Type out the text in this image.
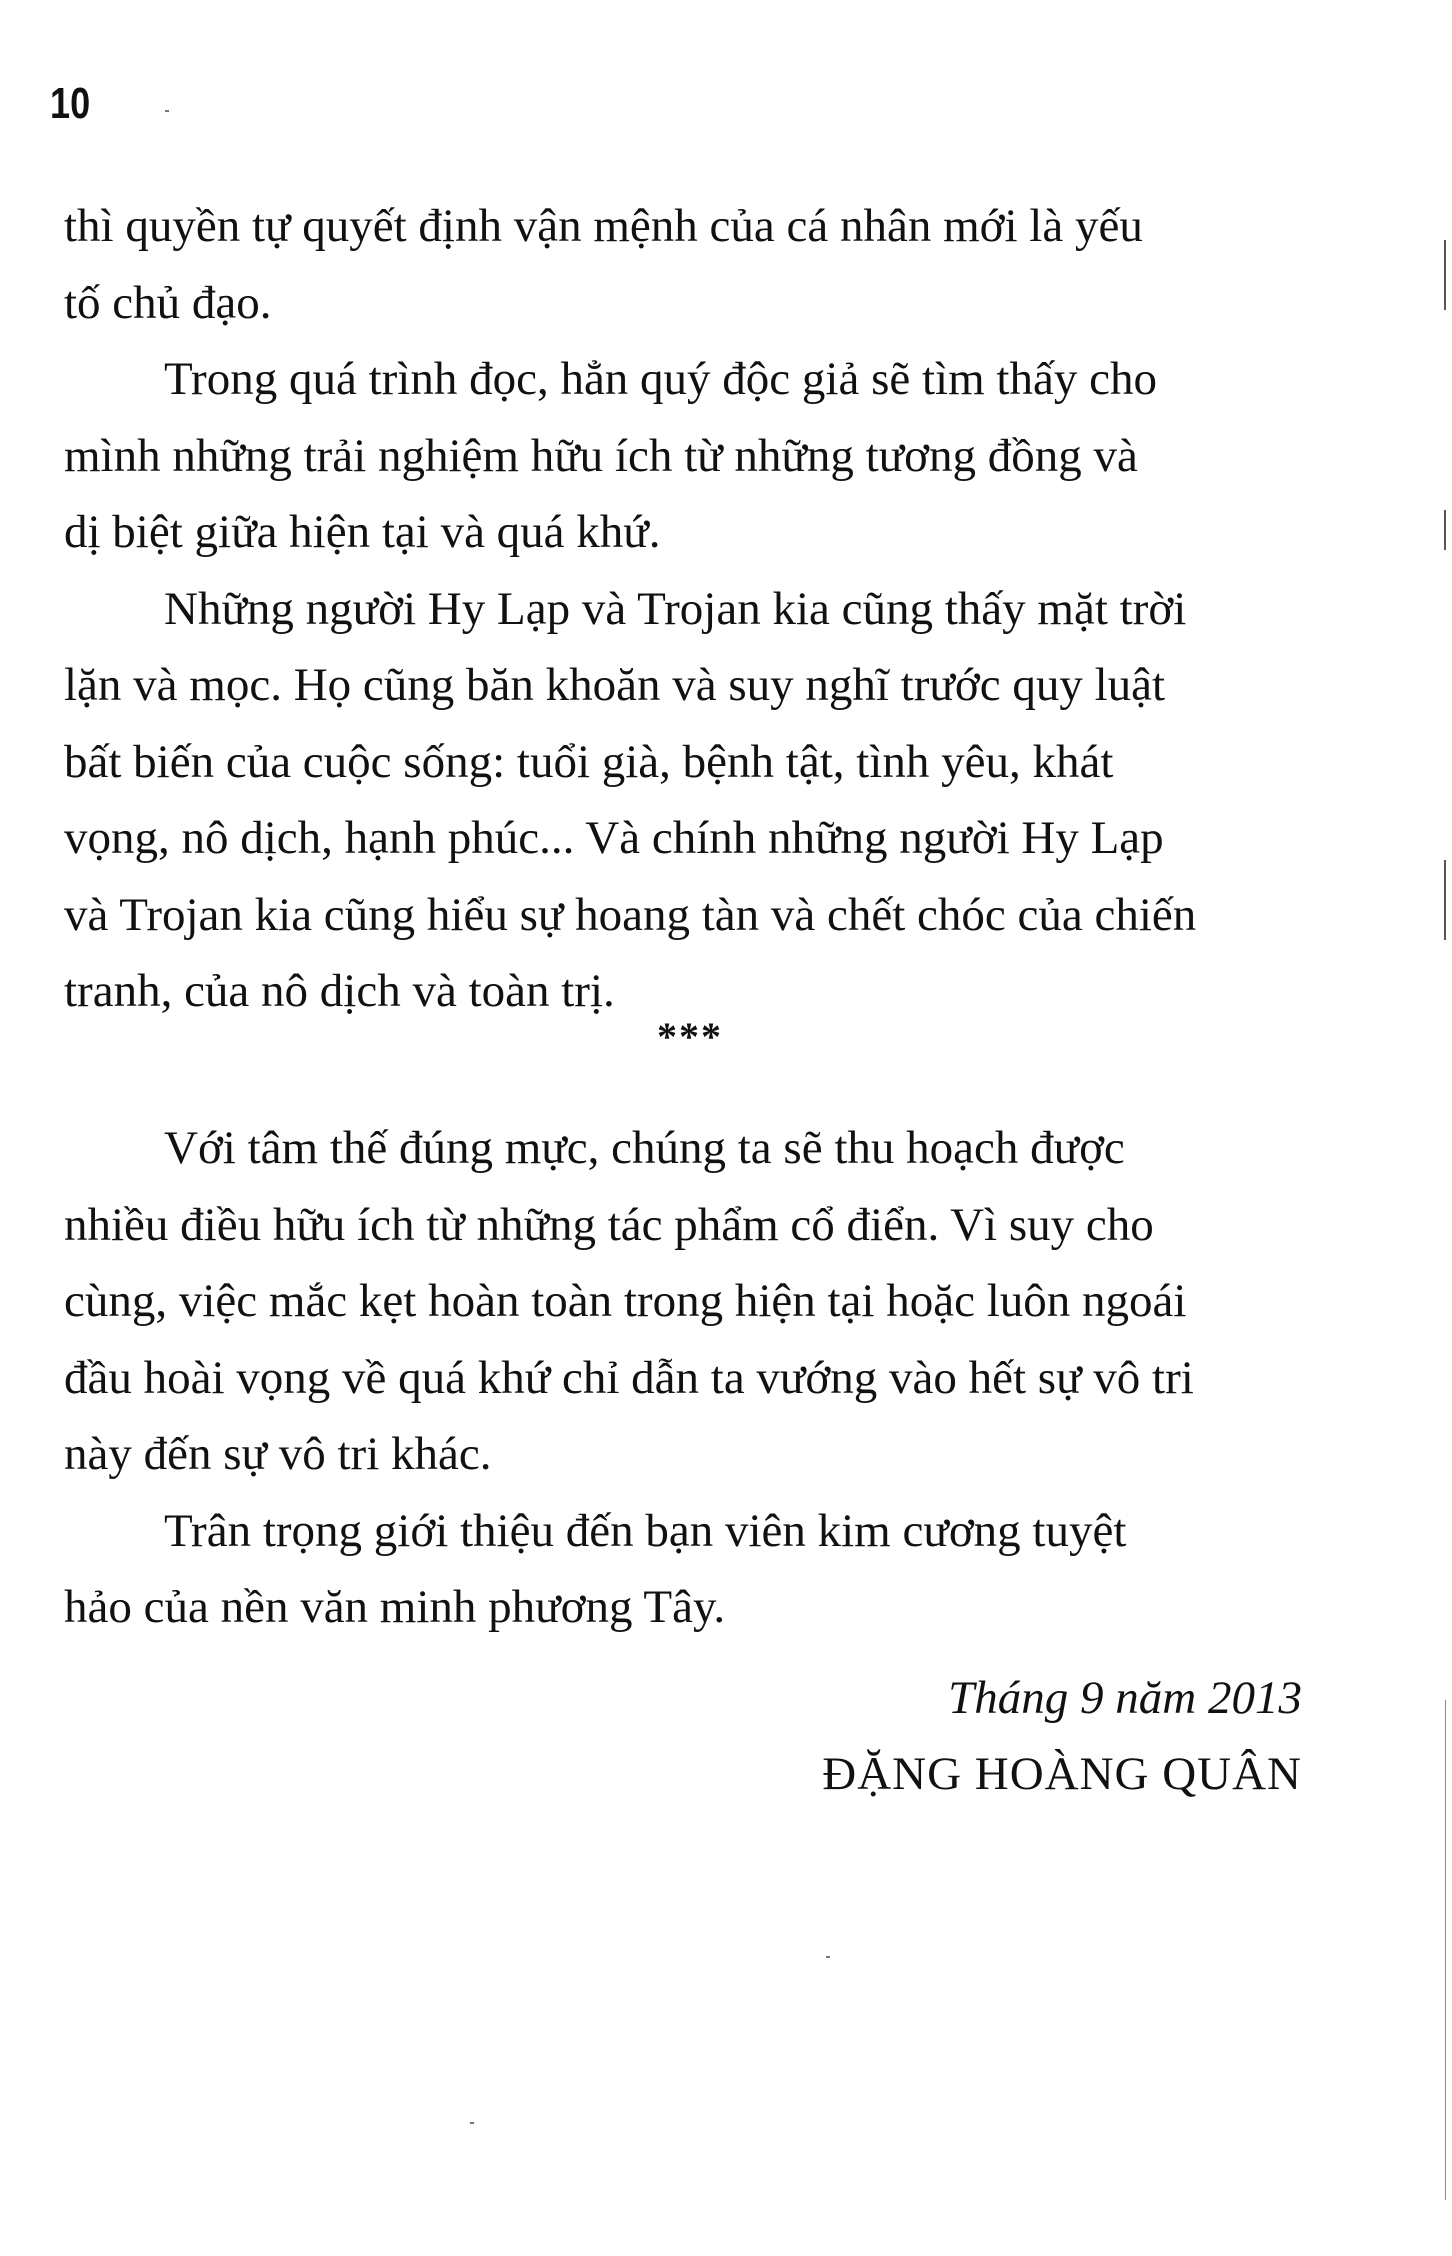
10
thì quyền tự quyết định vận mệnh của cá nhân mới là yếu
tố chủ đạo.
Trong quá trình đọc, hẳn quý độc giả sẽ tìm thấy cho
mình những trải nghiệm hữu ích từ những tương đồng và
dị biệt giữa hiện tại và quá khứ.
Những người Hy Lạp và Trojan kia cũng thấy mặt trời
lặn và mọc. Họ cũng băn khoăn và suy nghĩ trước quy luật
bất biến của cuộc sống: tuổi già, bệnh tật, tình yêu, khát
vọng, nô dịch, hạnh phúc... Và chính những người Hy Lạp
và Trojan kia cũng hiểu sự hoang tàn và chết chóc của chiến
tranh, của nô dịch và toàn trị.
***
Với tâm thế đúng mực, chúng ta sẽ thu hoạch được
nhiều điều hữu ích từ những tác phẩm cổ điển. Vì suy cho
cùng, việc mắc kẹt hoàn toàn trong hiện tại hoặc luôn ngoái
đầu hoài vọng về quá khứ chỉ dẫn ta vướng vào hết sự vô tri
này đến sự vô tri khác.
Trân trọng giới thiệu đến bạn viên kim cương tuyệt
hảo của nền văn minh phương Tây.
Tháng 9 năm 2013
ĐẶNG HOÀNG QUÂN
